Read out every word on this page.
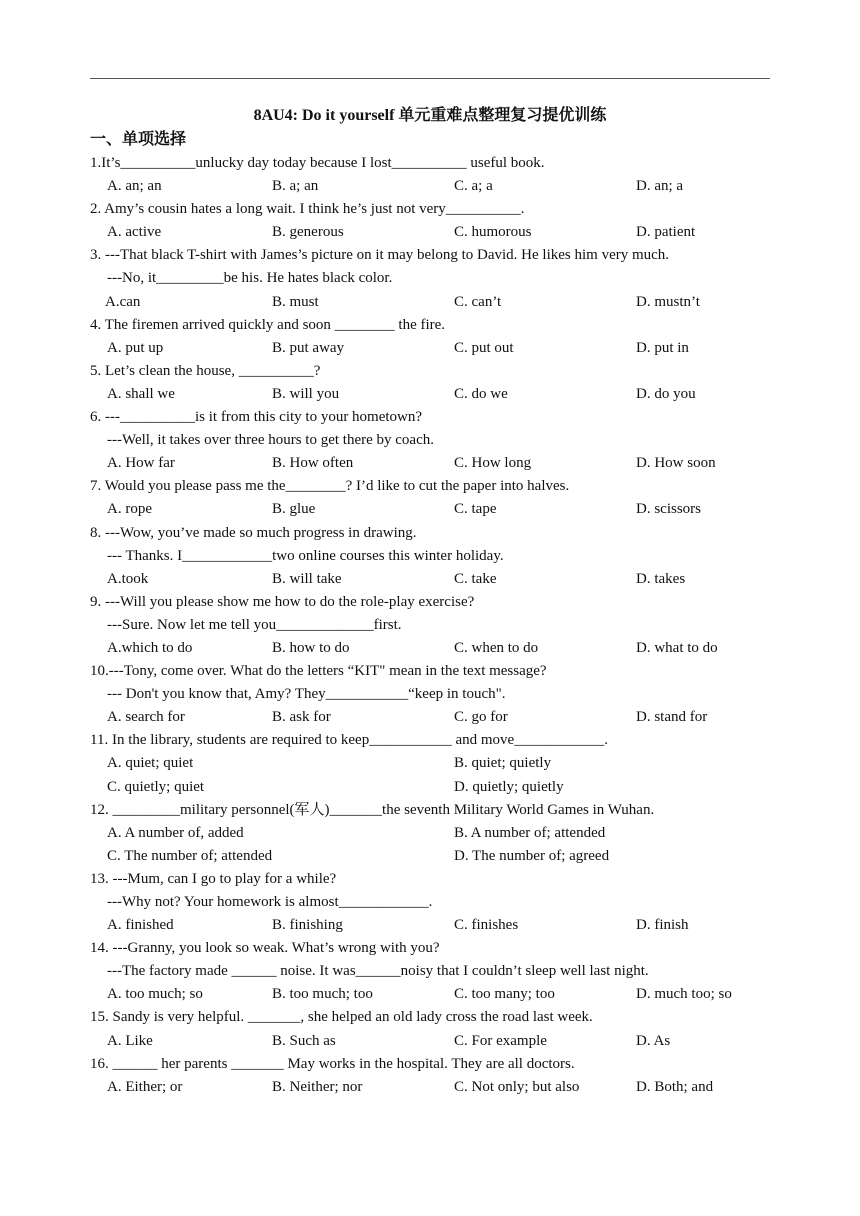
8AU4: Do it yourself 单元重难点整理复习提优训练
一、单项选择
1.It’s__________unlucky day today because I lost__________ useful book.
A. an; an	B. a; an	C. a; a	D. an; a
2. Amy’s cousin hates a long wait. I think he’s just not very__________.
A. active	B. generous	C. humorous	D. patient
3. ---That black T-shirt with James’s picture on it may belong to David. He likes him very much.
---No, it_________be his. He hates black color.
A.can	B. must	C. can’t	D. mustn’t
4. The firemen arrived quickly and soon ________ the fire.
A. put up	B. put away	C. put out	D. put in
5. Let’s clean the house, __________?
A. shall we	B. will you	C. do we	D. do you
6. ---__________is it from this city to your hometown?
---Well, it takes over three hours to get there by coach.
A. How far	B. How often	C. How long	D. How soon
7. Would you please pass me the________? I’d like to cut the paper into halves.
A. rope	B. glue	C. tape	D. scissors
8. ---Wow, you’ve made so much progress in drawing.
--- Thanks. I____________two online courses this winter holiday.
A.took	B. will take	C. take	D. takes
9. ---Will you please show me how to do the role-play exercise?
---Sure. Now let me tell you_____________first.
A.which to do	B. how to do	C. when to do	D. what to do
10.---Tony, come over. What do the letters “KIT" mean in the text message?
--- Don't you know that, Amy? They___________“keep in touch".
A. search for	B. ask for	C. go for	D. stand for
11. In the library, students are required to keep___________ and move____________.
A. quiet; quiet	B. quiet; quietly
C. quietly; quiet	D. quietly; quietly
12. _________military personnel(军人)_______the seventh Military World Games in Wuhan.
A. A number of, added	B. A number of; attended
C. The number of; attended	D. The number of; agreed
13. ---Mum, can I go to play for a while?
---Why not? Your homework is almost____________.
A. finished	B. finishing	C. finishes	D. finish
14. ---Granny, you look so weak. What’s wrong with you?
---The factory made ______ noise. It was______noisy that I couldn’t sleep well last night.
A. too much; so	B. too much; too	C. too many; too	D. much too; so
15. Sandy is very helpful. _______, she helped an old lady cross the road last week.
A. Like	B. Such as	C. For example	D. As
16. ______ her parents _______ May works in the hospital. They are all doctors.
A. Either; or	B. Neither; nor	C. Not only; but also	D. Both; and
